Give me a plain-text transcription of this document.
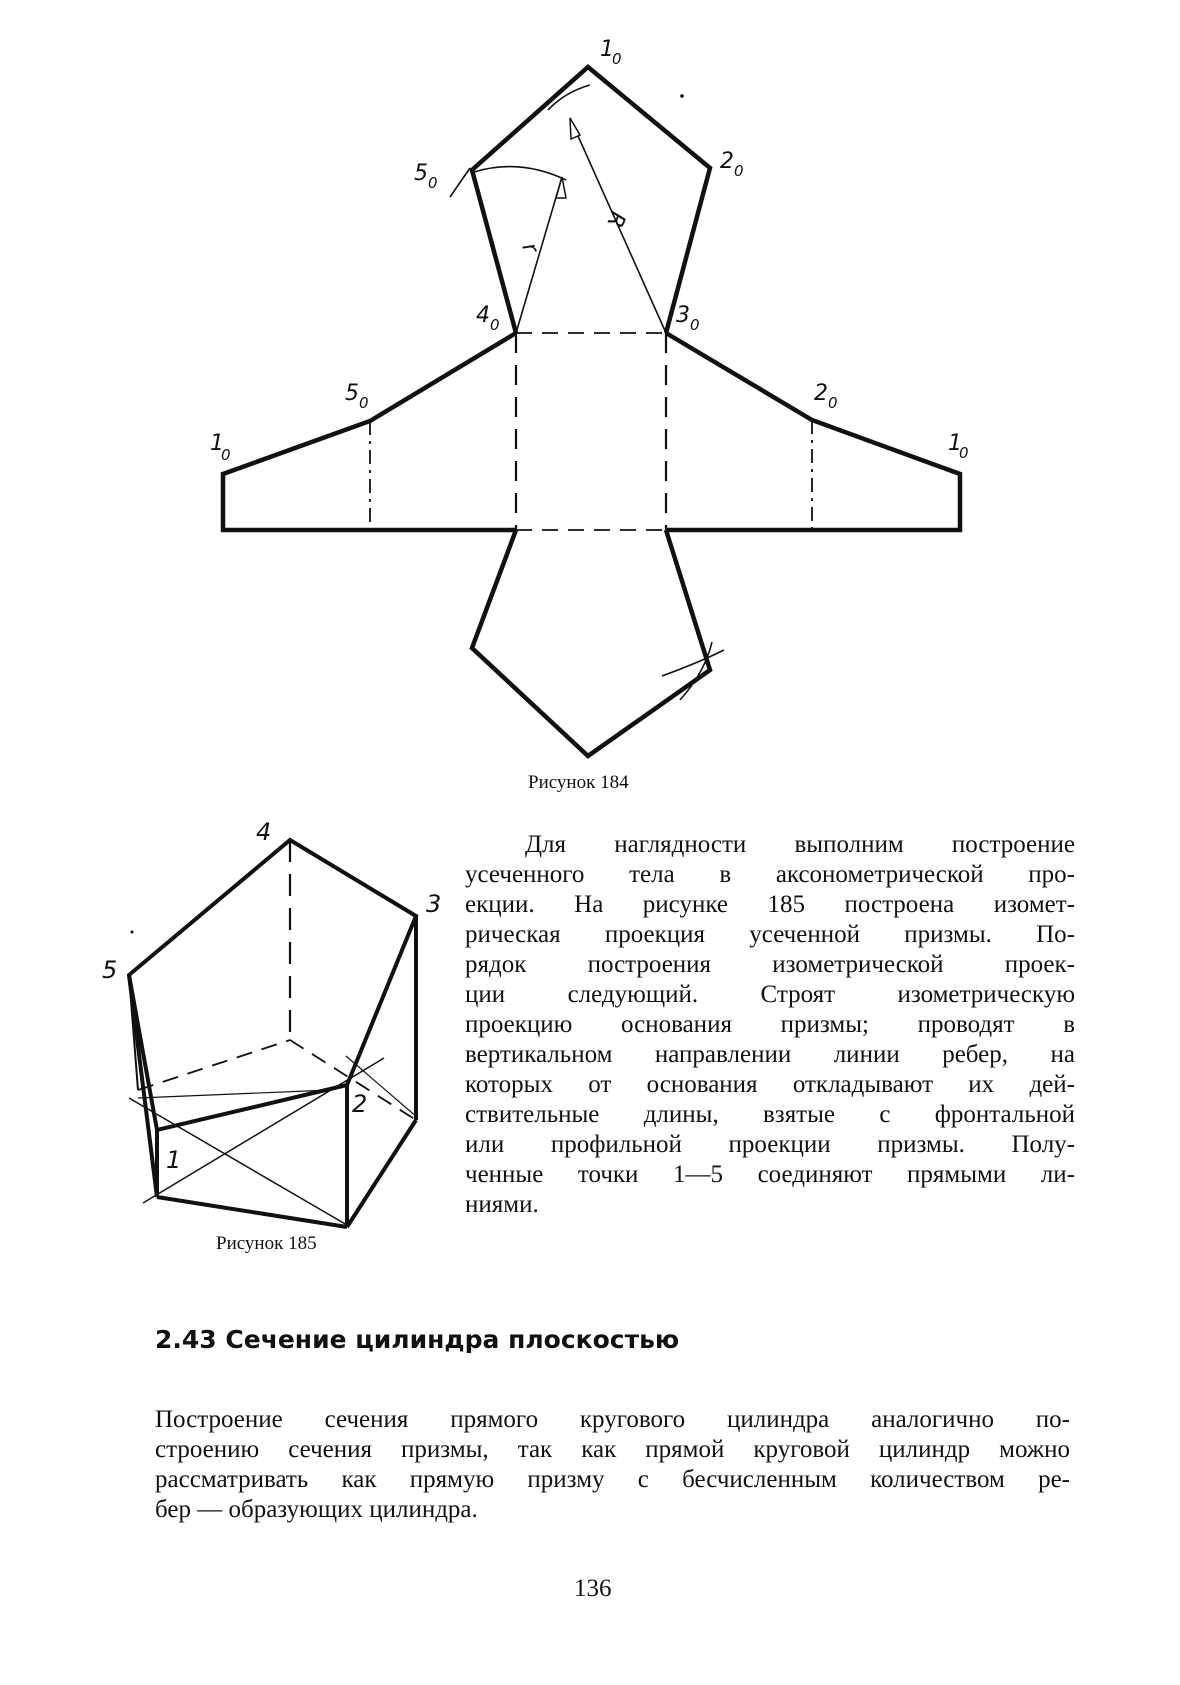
r
R
1
0
2 0
5 0
4 0	3 0
5 0
1
0
2 0
1
0
Рисунок 184
4
3
5
2
1
Рисунок 185
Для наглядности выполним построение
усеченного тела в аксонометрической про-
екции. На рисунке 185 построена изомет-
рическая проекция усеченной призмы. По-
рядок построения изометрической проек-
ции следующий. Строят изометрическую
проекцию основания призмы; проводят в
вертикальном направлении линии ребер, на
которых от основания откладывают их дей-
ствительные длины, взятые с фронтальной
или профильной проекции призмы. Полу-
ченные точки 1—5 соединяют прямыми ли-
ниями.
2.43 Сечение цилиндра плоскостью
Построение сечения прямого кругового цилиндра аналогично по-
строению сечения призмы, так как прямой круговой цилиндр можно
рассматривать как прямую призму с бесчисленным количеством ре-
бер — образующих цилиндра.
136
